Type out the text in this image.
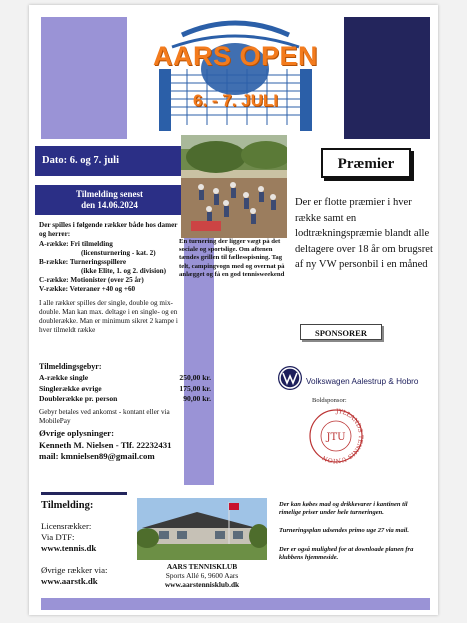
AARS OPEN
6. - 7. JULI
Dato: 6. og 7. juli
Tilmelding senest
den 14.06.2024
Der spilles i følgende rækker både hos damer og herrer:
A-række: Fri tilmelding
(licensturnering - kat. 2)
B-række: Turneringsspillere
(ikke Elite, 1. og 2. division)
C-række: Motionister (over 25 år)
V-række: Veteraner +40 og +60
I alle rækker spilles der single, double og mix-double. Man kan max. deltage i en single- og en doublerække. Man er minimum sikret 2 kampe i hver tilmeldt række
Tilmeldingsgebyr:
A-række single	250,00 kr.
Singlerække øvrige	175,00 kr.
Doublerække pr. person	90,00 kr.
Gebyr betales ved ankomst - kontant eller via MobilePay
Øvrige oplysninger:
Kenneth M. Nielsen - Tlf. 22232431
mail: kmnielsen89@gmail.com
En turnering der ligger vægt på det sociale og sportslige. Om aftenen tændes grillen til fællesspisning. Tag telt, campingvogn med og overnat på anlægget og få en god tennisweekend
Præmier
Der er flotte præmier i hver række samt en lodtrækningspræmie blandt alle deltagere over 18 år om brugsret af ny VW personbil i en måned
SPONSORER
Volkswagen Aalestrup & Hobro
Boldsponsor:
JYLLANDS TENNIS UNION
JTU
Tilmelding:
Licensrækker:
Via DTF:
www.tennis.dk
Øvrige rækker via:
www.aarstk.dk
AARS TENNISKLUB
Sports Allé 6, 9600 Aars
www.aarstennisklub.dk
Der kan købes mad og drikkevarer i kantinen til rimelige priser under hele turneringen.
Turneringsplan udsendes primo uge 27 via mail.
Der er også mulighed for at downloade planen fra klubbens hjemmeside.
